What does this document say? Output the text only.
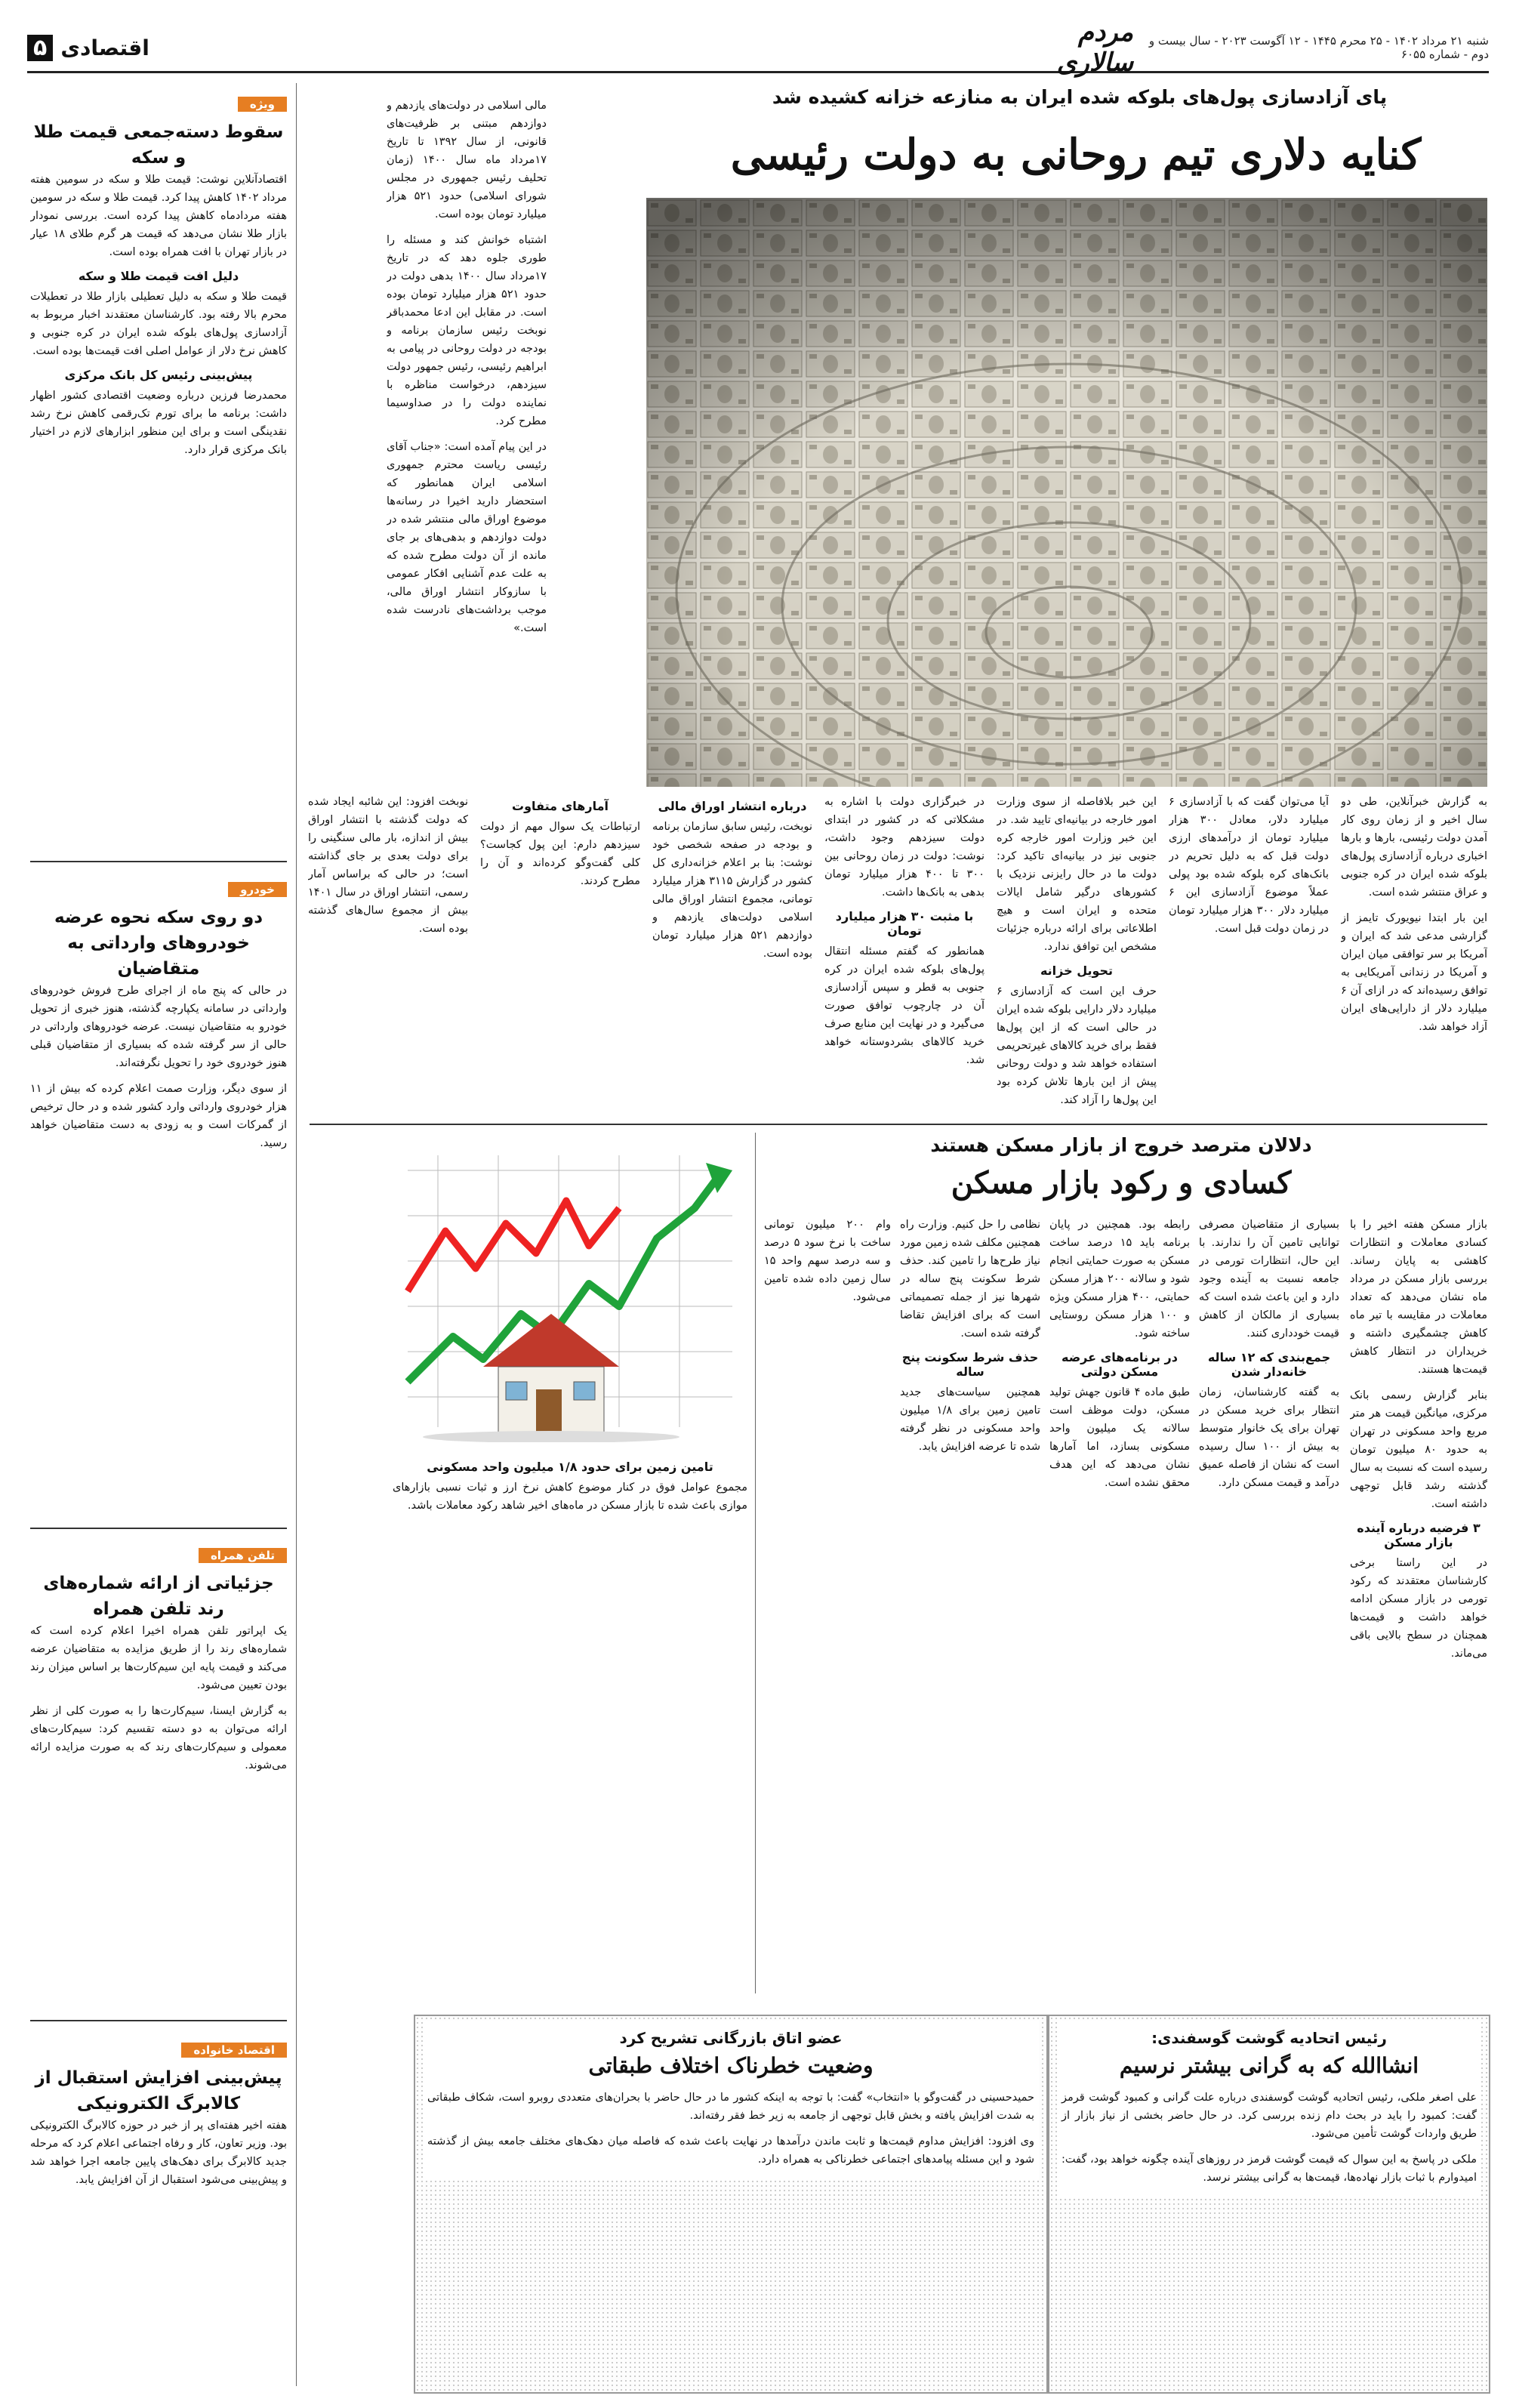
شنبه ۲۱ مرداد ۱۴۰۲ - ۲۵ محرم ۱۴۴۵ - ۱۲ آگوست ۲۰۲۳ - سال بیست و دوم - شماره ۶۰۵۵
مردم سالاری
اقتصادی
۵
ویژه
سقوط دسته‌جمعی قیمت طلا و سکه

اقتصادآنلاین نوشت: قیمت طلا و سکه در سومین هفته مرداد ۱۴۰۲ کاهش پیدا کرد. قیمت طلا و سکه در سومین هفته مردادماه کاهش پیدا کرده است. بررسی نمودار بازار طلا نشان می‌دهد که قیمت هر گرم طلای ۱۸ عیار در بازار تهران با افت همراه بوده است.

دلیل افت قیمت طلا و سکه

قیمت طلا و سکه به دلیل تعطیلی بازار طلا در تعطیلات محرم بالا رفته بود. کارشناسان معتقدند اخبار مربوط به آزادسازی پول‌های بلوکه شده ایران در کره جنوبی و کاهش نرخ دلار از عوامل اصلی افت قیمت‌ها بوده است.

پیش‌بینی رئیس کل بانک مرکزی

محمدرضا فرزین درباره وضعیت اقتصادی کشور اظهار داشت: برنامه ما برای تورم تک‌رقمی کاهش نرخ رشد نقدینگی است و برای این منظور ابزارهای لازم در اختیار بانک مرکزی قرار دارد.

خودرو
دو روی سکه نحوه عرضه خودروهای وارداتی به متقاضیان

در حالی که پنج ماه از اجرای طرح فروش خودروهای وارداتی در سامانه یکپارچه گذشته، هنوز خبری از تحویل خودرو به متقاضیان نیست. عرضه خودروهای وارداتی در حالی از سر گرفته شده که بسیاری از متقاضیان قبلی هنوز خودروی خود را تحویل نگرفته‌اند.

از سوی دیگر، وزارت صمت اعلام کرده که بیش از ۱۱ هزار خودروی وارداتی وارد کشور شده و در حال ترخیص از گمرکات است و به زودی به دست متقاضیان خواهد رسید.

تلفن همراه
جزئیاتی از ارائه شماره‌های رند تلفن همراه

یک اپراتور تلفن همراه اخیرا اعلام کرده است که شماره‌های رند را از طریق مزایده به متقاضیان عرضه می‌کند و قیمت پایه این سیم‌کارت‌ها بر اساس میزان رند بودن تعیین می‌شود.

به گزارش ایسنا، سیم‌کارت‌ها را به صورت کلی از نظر ارائه می‌توان به دو دسته تقسیم کرد: سیم‌کارت‌های معمولی و سیم‌کارت‌های رند که به صورت مزایده ارائه می‌شوند.

اقتصاد خانواده
پیش‌بینی افزایش استقبال از کالابرگ الکترونیکی

هفته اخیر هفته‌ای پر از خبر در حوزه کالابرگ الکترونیکی بود. وزیر تعاون، کار و رفاه اجتماعی اعلام کرد که مرحله جدید کالابرگ برای دهک‌های پایین جامعه اجرا خواهد شد و پیش‌بینی می‌شود استقبال از آن افزایش یابد.

پای آزادسازی پول‌های بلوکه شده ایران به منازعه خزانه کشیده شد
کنایه دلاری تیم روحانی به دولت رئیسی

مالی اسلامی در دولت‌های یازدهم و دوازدهم مبتنی بر ظرفیت‌های قانونی، از سال ۱۳۹۲ تا تاریخ ۱۷مرداد ماه سال ۱۴۰۰ (زمان تحلیف رئیس جمهوری در مجلس شورای اسلامی) حدود ۵۲۱ هزار میلیارد تومان بوده است.

اشتباه خوانش کند و مسئله را طوری جلوه دهد که در تاریخ ۱۷مرداد سال ۱۴۰۰ بدهی دولت در حدود ۵۲۱ هزار میلیارد تومان بوده است. در مقابل این ادعا محمدباقر نوبخت رئیس سازمان برنامه و بودجه در دولت روحانی در پیامی به ابراهیم رئیسی، رئیس جمهور دولت سیزدهم، درخواست مناظره با نماینده دولت را در صداوسیما مطرح کرد.

در این پیام آمده است: «جناب آقای رئیسی ریاست محترم جمهوری اسلامی ایران همانطور که استحضار دارید اخیرا در رسانه‌ها موضوع اوراق مالی منتشر شده در دولت دوازدهم و بدهی‌های بر جای مانده از آن دولت مطرح شده که به علت عدم آشنایی افکار عمومی با سازوکار انتشار اوراق مالی، موجب برداشت‌های نادرست شده است.»

نوبخت افزود: این شائبه ایجاد شده که دولت گذشته با انتشار اوراق بیش از اندازه، بار مالی سنگینی را برای دولت بعدی بر جای گذاشته است؛ در حالی که براساس آمار رسمی، انتشار اوراق در سال ۱۴۰۱ بیش از مجموع سال‌های گذشته بوده است.

آمارهای متفاوت

ارتباطات یک سوال مهم از دولت سیزدهم دارم: این پول کجاست؟ کلی گفت‌وگو کرده‌اند و آن را مطرح کردند.

درباره انتشار اوراق مالی

نوبخت، رئیس سابق سازمان برنامه و بودجه در صفحه شخصی خود نوشت: بنا بر اعلام خزانه‌داری کل کشور در گزارش ۳۱۱۵ هزار میلیارد تومانی، مجموع انتشار اوراق مالی اسلامی دولت‌های یازدهم و دوازدهم ۵۲۱ هزار میلیارد تومان بوده است.

در خبرگزاری دولت با اشاره به مشکلاتی که در کشور در ابتدای دولت سیزدهم وجود داشت، نوشت: دولت در زمان روحانی بین ۳۰۰ تا ۴۰۰ هزار میلیارد تومان بدهی به بانک‌ها داشت.

با مثبت ۳۰ هزار میلیارد تومان

همانطور که گفتم مسئله انتقال پول‌های بلوکه شده ایران در کره جنوبی به قطر و سپس آزادسازی آن در چارچوب توافق صورت می‌گیرد و در نهایت این منابع صرف خرید کالاهای بشردوستانه خواهد شد.

این خبر بلافاصله از سوی وزارت امور خارجه در بیانیه‌ای تایید شد. در این خبر وزارت امور خارجه کره جنوبی نیز در بیانیه‌ای تاکید کرد: دولت ما در حال رایزنی نزدیک با کشورهای درگیر شامل ایالات متحده و ایران است و هیچ اطلاعاتی برای ارائه درباره جزئیات مشخص این توافق ندارد.

تحویل خزانه

حرف این است که آزادسازی ۶ میلیارد دلار دارایی بلوکه شده ایران در حالی است که از این پول‌ها فقط برای خرید کالاهای غیرتحریمی استفاده خواهد شد و دولت روحانی پیش از این بارها تلاش کرده بود این پول‌ها را آزاد کند.

آیا می‌توان گفت که با آزادسازی ۶ میلیارد دلار، معادل ۳۰۰ هزار میلیارد تومان از درآمدهای ارزی دولت قبل که به دلیل تحریم در بانک‌های کره بلوکه شده بود پولی عملاً موضوع آزادسازی این ۶ میلیارد دلار ۳۰۰ هزار میلیارد تومان در زمان دولت قبل است.

به گزارش خبرآنلاین، طی دو سال اخیر و از زمان روی کار آمدن دولت رئیسی، بارها و بارها اخباری درباره آزادسازی پول‌های بلوکه شده ایران در کره جنوبی و عراق منتشر شده است.

این بار ابتدا نیویورک تایمز از گزارشی مدعی شد که ایران و آمریکا بر سر توافقی میان ایران و آمریکا در زندانی آمریکایی به توافق رسیده‌اند که در ازای آن ۶ میلیارد دلار از دارایی‌های ایران آزاد خواهد شد.

دلالان مترصد خروج از بازار مسکن هستند
کسادی و رکود بازار مسکن

بازار مسکن هفته اخیر را با کسادی معاملات و انتظارات کاهشی به پایان رساند. بررسی بازار مسکن در مرداد ماه نشان می‌دهد که تعداد معاملات در مقایسه با تیر ماه کاهش چشمگیری داشته و خریداران در انتظار کاهش قیمت‌ها هستند.

بنابر گزارش رسمی بانک مرکزی، میانگین قیمت هر متر مربع واحد مسکونی در تهران به حدود ۸۰ میلیون تومان رسیده است که نسبت به سال گذشته رشد قابل توجهی داشته است.

۳ فرضیه درباره آینده بازار مسکن

در این راستا برخی کارشناسان معتقدند که رکود تورمی در بازار مسکن ادامه خواهد داشت و قیمت‌ها همچنان در سطح بالایی باقی می‌ماند.

بسیاری از متقاضیان مصرفی توانایی تامین آن را ندارند. با این حال، انتظارات تورمی در جامعه نسبت به آینده وجود دارد و این باعث شده است که بسیاری از مالکان از کاهش قیمت خودداری کنند.

جمع‌بندی که ۱۲ ساله خانه‌دار شدن

به گفته کارشناسان، زمان انتظار برای خرید مسکن در تهران برای یک خانوار متوسط به بیش از ۱۰۰ سال رسیده است که نشان از فاصله عمیق درآمد و قیمت مسکن دارد.

رابطه بود. همچنین در پایان برنامه باید ۱۵ درصد ساخت مسکن به صورت حمایتی انجام شود و سالانه ۲۰۰ هزار مسکن حمایتی، ۴۰۰ هزار مسکن ویژه و ۱۰۰ هزار مسکن روستایی ساخته شود.

در برنامه‌های عرضه مسکن دولتی

طبق ماده ۴ قانون جهش تولید مسکن، دولت موظف است سالانه یک میلیون واحد مسکونی بسازد، اما آمارها نشان می‌دهد که این هدف محقق نشده است.

نظامی را حل کنیم. وزارت راه همچنین مکلف شده زمین مورد نیاز طرح‌ها را تامین کند. حذف شرط سکونت پنج ساله در شهرها نیز از جمله تصمیماتی است که برای افزایش تقاضا گرفته شده است.

حذف شرط سکونت پنج ساله

همچنین سیاست‌های جدید تامین زمین برای ۱/۸ میلیون واحد مسکونی در نظر گرفته شده تا عرضه افزایش یابد.

وام ۲۰۰ میلیون تومانی ساخت با نرخ سود ۵ درصد و سه درصد سهم واحد ۱۵ سال زمین داده شده تامین می‌شود.

تامین زمین برای حدود ۱/۸ میلیون واحد مسکونی

مجموع عوامل فوق در کنار موضوع کاهش نرخ ارز و ثبات نسبی بازارهای موازی باعث شده تا بازار مسکن در ماه‌های اخیر شاهد رکود معاملات باشد.

رئیس اتحادیه گوشت گوسفندی:
انشاالله که به گرانی بیشتر نرسیم

علی اصغر ملکی، رئیس اتحادیه گوشت گوسفندی درباره علت گرانی و کمبود گوشت قرمز گفت: کمبود را باید در بحث دام زنده بررسی کرد. در حال حاضر بخشی از نیاز بازار از طریق واردات گوشت تأمین می‌شود.

ملکی در پاسخ به این سوال که قیمت گوشت قرمز در روزهای آینده چگونه خواهد بود، گفت: امیدوارم با ثبات بازار نهاده‌ها، قیمت‌ها به گرانی بیشتر نرسد.

عضو اتاق بازرگانی تشریح کرد
وضعیت خطرناک اختلاف طبقاتی

حمیدحسینی در گفت‌وگو با «انتخاب» گفت: با توجه به اینکه کشور ما در حال حاضر با بحران‌های متعددی روبرو است، شکاف طبقاتی به شدت افزایش یافته و بخش قابل توجهی از جامعه به زیر خط فقر رفته‌اند.

وی افزود: افزایش مداوم قیمت‌ها و ثابت ماندن درآمدها در نهایت باعث شده که فاصله میان دهک‌های مختلف جامعه بیش از گذشته شود و این مسئله پیامدهای اجتماعی خطرناکی به همراه دارد.
